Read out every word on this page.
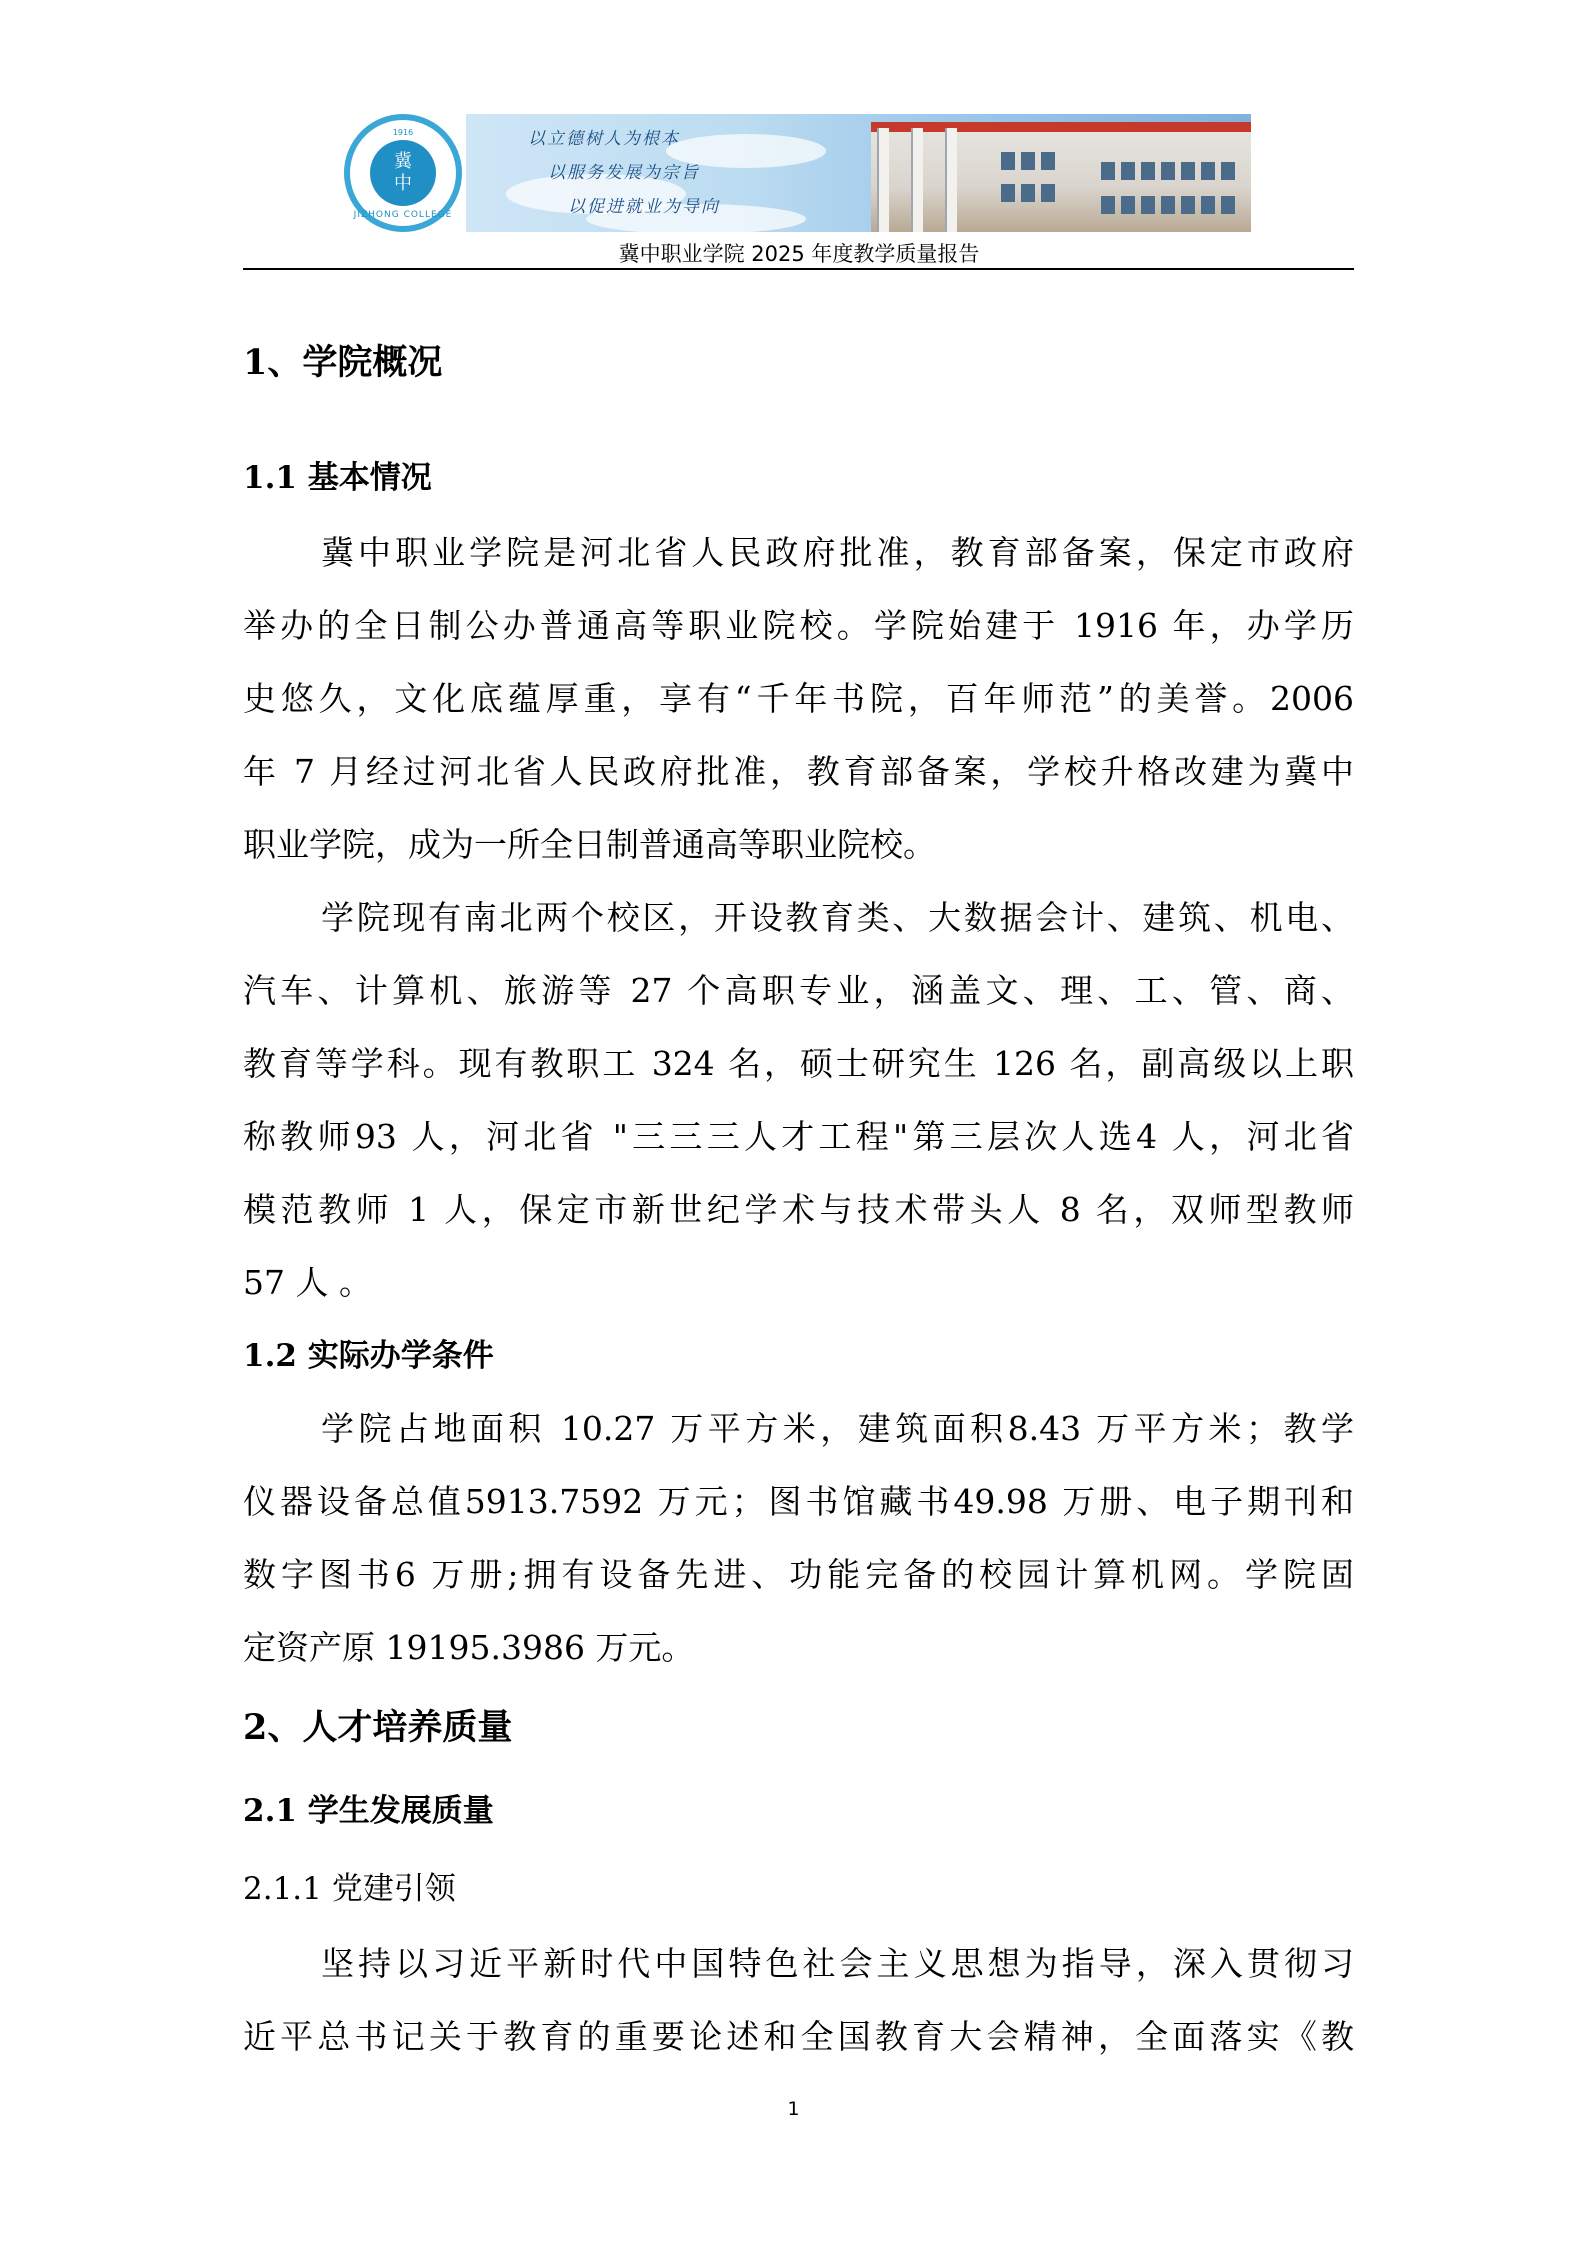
1916
冀
中
JIZHONG COLLEGE
以立德树人为根本
以服务发展为宗旨
以促进就业为导向
冀中职业学院 2025 年度教学质量报告
1、学院概况
1.1 基本情况
冀中职业学院是河北省人民政府批准，教育部备案，保定市政府
举办的全日制公办普通高等职业院校。学院始建于 1916 年，办学历
史悠久，文化底蕴厚重，享有“千年书院，百年师范”的美誉。2006
年 7 月经过河北省人民政府批准，教育部备案，学校升格改建为冀中
职业学院，成为一所全日制普通高等职业院校。
学院现有南北两个校区，开设教育类、大数据会计、建筑、机电、
汽车、计算机、旅游等 27 个高职专业，涵盖文、理、工、管、商、
教育等学科。现有教职工 324 名，硕士研究生 126 名，副高级以上职
称教师93 人，河北省 "三三三人才工程"第三层次人选4 人，河北省
模范教师 1 人，保定市新世纪学术与技术带头人 8 名，双师型教师
57 人 。
1.2 实际办学条件
学院占地面积 10.27 万平方米，建筑面积8.43 万平方米；教学
仪器设备总值5913.7592 万元；图书馆藏书49.98 万册、电子期刊和
数字图书6 万册;拥有设备先进、功能完备的校园计算机网。学院固
定资产原 19195.3986 万元。
2、人才培养质量
2.1 学生发展质量
2.1.1 党建引领
坚持以习近平新时代中国特色社会主义思想为指导，深入贯彻习
近平总书记关于教育的重要论述和全国教育大会精神，全面落实《教
1
